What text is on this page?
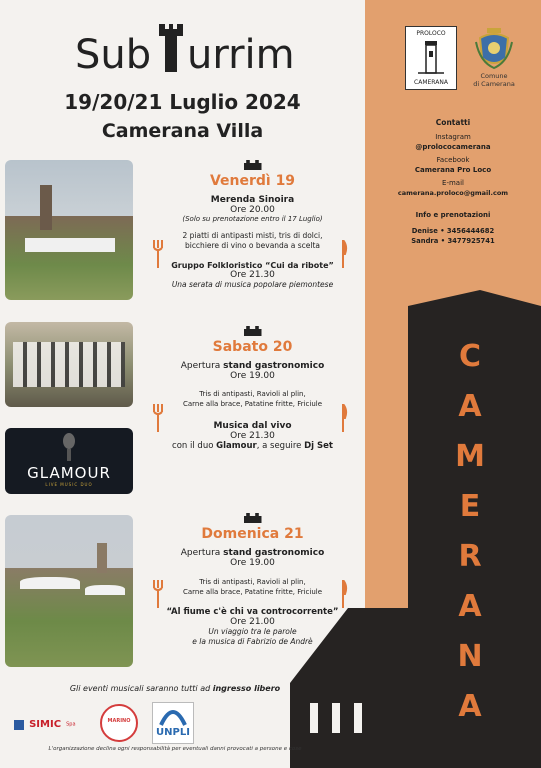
PROLOCO
CAMERANA
Comune
di Camerana
Contatti
Instagram
@prolococamerana
Facebook
Camerana Pro Loco
E-mail
camerana.proloco@gmail.com
Info e prenotazioni
Denise • 3456444682
Sandra • 3477925741
C
A
M
E
R
A
N
A
Sub urrim
19/20/21 Luglio 2024
Camerana Villa
Venerdì 19
Merenda Sinoira
Ore 20.00
(Solo su prenotazione entro il 17 Luglio)
2 piatti di antipasti misti, tris di dolci,
bicchiere di vino o bevanda a scelta
Gruppo Folkloristico “Cui da ribote”
Ore 21.30
Una serata di musica popolare piemontese
Sabato 20
Apertura stand gastronomico
Ore 19.00
Tris di antipasti, Ravioli al plin,
Carne alla brace, Patatine fritte, Friciule
Musica dal vivo
Ore 21.30
con il duo Glamour, a seguire Dj Set
GLAMOUR
LIVE MUSIC DUO
Domenica 21
Apertura stand gastronomico
Ore 19.00
Tris di antipasti, Ravioli al plin,
Carne alla brace, Patatine fritte, Friciule
“Al fiume c'è chi va controcorrente”
Ore 21.00
Un viaggio tra le parole
e la musica di Fabrizio de Andrè
Gli eventi musicali saranno tutti ad ingresso libero
SIMIC Spa
MARINO
UNPLI
L'organizzazione declina ogni responsabilità per eventuali danni provocati a persone e cose
